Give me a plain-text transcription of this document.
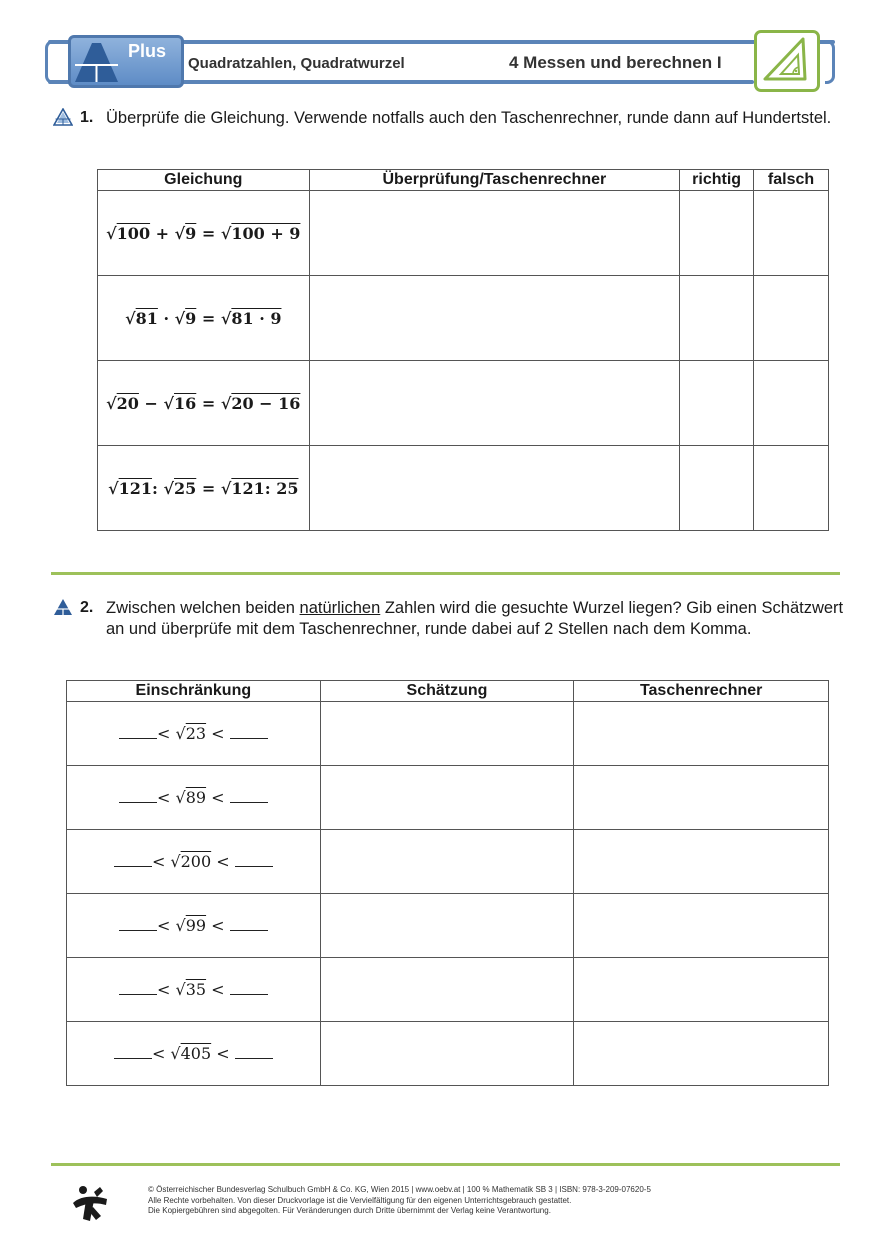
Plus
Quadratzahlen, Quadratwurzel	4 Messen und berechnen I
1. Überprüfe die Gleichung. Verwende notfalls auch den Taschenrechner, runde dann auf Hundertstel.
Gleichung	Überprüfung/Taschenrechner	richtig	falsch
√100 + √9 = √100 + 9			
√81 · √9 = √81 · 9			
√20 − √16 = √20 − 16			
√121: √25 = √121: 25			
2. Zwischen welchen beiden natürlichen Zahlen wird die gesuchte Wurzel liegen? Gib einen Schätzwert an und überprüfe mit dem Taschenrechner, runde dabei auf 2 Stellen nach dem Komma.
Einschränkung	Schätzung	Taschenrechner
< √23 <		
< √89 <		
< √200 <		
< √99 <		
< √35 <		
< √405 <		
© Österreichischer Bundesverlag Schulbuch GmbH & Co. KG, Wien 2015 | www.oebv.at | 100 % Mathematik SB 3 | ISBN: 978-3-209-07620-5
Alle Rechte vorbehalten. Von dieser Druckvorlage ist die Vervielfältigung für den eigenen Unterrichtsgebrauch gestattet.
Die Kopiergebühren sind abgegolten. Für Veränderungen durch Dritte übernimmt der Verlag keine Verantwortung.
